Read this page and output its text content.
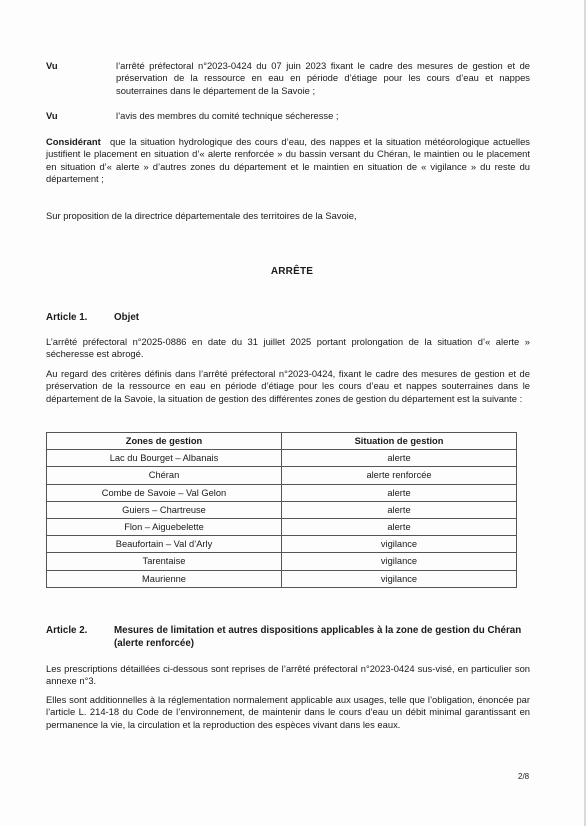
Vu	l’arrêté préfectoral n°2023-0424 du 07 juin 2023 fixant le cadre des mesures de gestion et de préservation de la ressource en eau en période d’étiage pour les cours d’eau et nappes souterraines dans le département de la Savoie ;
Vu	l’avis des membres du comité technique sécheresse ;
Considérant que la situation hydrologique des cours d’eau, des nappes et la situation météorologique actuelles justifient le placement en situation d’« alerte renforcée » du bassin versant du Chéran, le maintien ou le placement en situation d’« alerte » d’autres zones du département et le maintien en situation de « vigilance » du reste du département ;
Sur proposition de la directrice départementale des territoires de la Savoie,
ARRÊTE
Article 1.	Objet
L’arrêté préfectoral n°2025-0886 en date du 31 juillet 2025 portant prolongation de la situation d’« alerte » sécheresse est abrogé.
Au regard des critères définis dans l’arrêté préfectoral n°2023-0424, fixant le cadre des mesures de gestion et de préservation de la ressource en eau en période d’étiage pour les cours d’eau et nappes souterraines dans le département de la Savoie, la situation de gestion des différentes zones de gestion du département est la suivante :
Zones de gestion	Situation de gestion
Lac du Bourget – Albanais	alerte
Chéran	alerte renforcée
Combe de Savoie – Val Gelon	alerte
Guiers – Chartreuse	alerte
Flon – Aiguebelette	alerte
Beaufortain – Val d’Arly	vigilance
Tarentaise	vigilance
Maurienne	vigilance
Article 2.	Mesures de limitation et autres dispositions applicables à la zone de gestion du Chéran (alerte renforcée)
Les prescriptions détaillées ci-dessous sont reprises de l’arrêté préfectoral n°2023-0424 sus-visé, en particulier son annexe n°3.
Elles sont additionnelles à la réglementation normalement applicable aux usages, telle que l’obligation, énoncée par l’article L. 214-18 du Code de l’environnement, de maintenir dans le cours d’eau un débit minimal garantissant en permanence la vie, la circulation et la reproduction des espèces vivant dans les eaux.
2/8
